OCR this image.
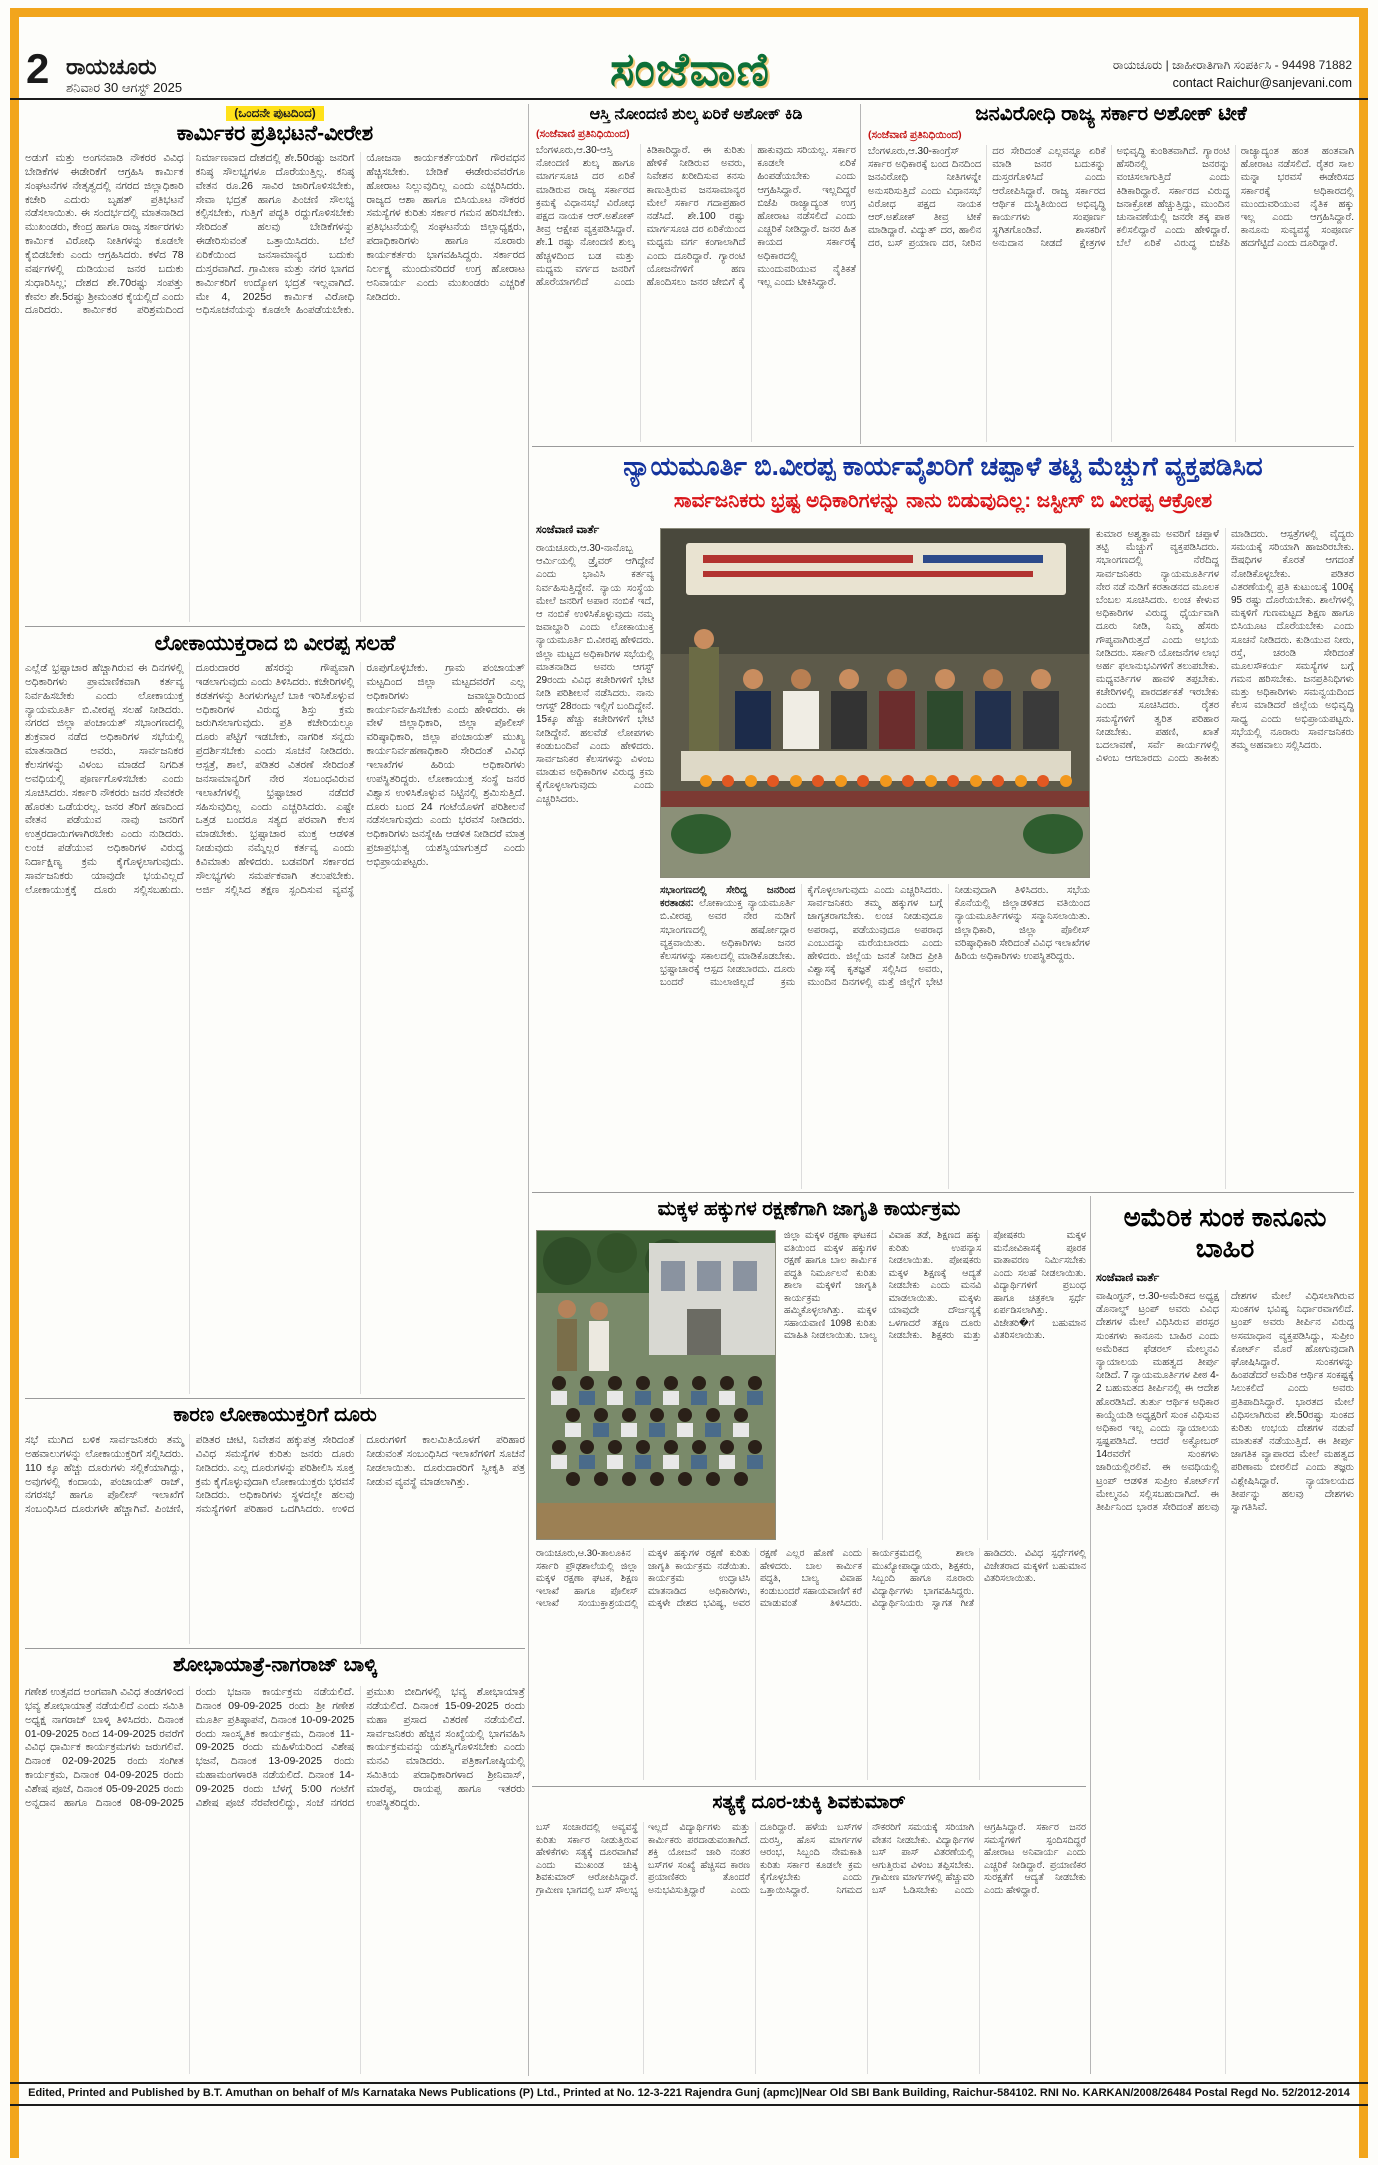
2 ರಾಯಚೂರು
ಶನಿವಾರ 30 ಆಗಸ್ಟ್ 2025	ಸಂಜೆವಾಣಿ	ರಾಯಚೂರು | ಜಾಹೀರಾತಿಗಾಗಿ ಸಂಪರ್ಕಿಸಿ - 94498 71882
contact Raichur@sanjevani.com
(ಒಂದನೇ ಪುಟದಿಂದ)
ಕಾರ್ಮಿಕರ ಪ್ರತಿಭಟನೆ-ವೀರೇಶ
ಅಡುಗೆ ಮತ್ತು ಅಂಗನವಾಡಿ ನೌಕರರ ವಿವಿಧ ಬೇಡಿಕೆಗಳ ಈಡೇರಿಕೆಗೆ ಆಗ್ರಹಿಸಿ ಕಾರ್ಮಿಕ ಸಂಘಟನೆಗಳ ನೇತೃತ್ವದಲ್ಲಿ ನಗರದ ಜಿಲ್ಲಾಧಿಕಾರಿ ಕಚೇರಿ ಎದುರು ಬೃಹತ್ ಪ್ರತಿಭಟನೆ ನಡೆಸಲಾಯಿತು. ಈ ಸಂದರ್ಭದಲ್ಲಿ ಮಾತನಾಡಿದ ಮುಖಂಡರು, ಕೇಂದ್ರ ಹಾಗೂ ರಾಜ್ಯ ಸರ್ಕಾರಗಳು ಕಾರ್ಮಿಕ ವಿರೋಧಿ ನೀತಿಗಳನ್ನು ಕೂಡಲೇ ಕೈಬಿಡಬೇಕು ಎಂದು ಆಗ್ರಹಿಸಿದರು. ಕಳೆದ 78 ವರ್ಷಗಳಲ್ಲಿ ದುಡಿಯುವ ಜನರ ಬದುಕು ಸುಧಾರಿಸಿಲ್ಲ; ದೇಶದ ಶೇ.70ರಷ್ಟು ಸಂಪತ್ತು ಕೇವಲ ಶೇ.5ರಷ್ಟು ಶ್ರೀಮಂತರ ಕೈಯಲ್ಲಿದೆ ಎಂದು ದೂರಿದರು. ಕಾರ್ಮಿಕರ ಪರಿಶ್ರಮದಿಂದ ನಿರ್ಮಾಣವಾದ ದೇಶದಲ್ಲಿ ಶೇ.50ರಷ್ಟು ಜನರಿಗೆ ಕನಿಷ್ಠ ಸೌಲಭ್ಯಗಳೂ ದೊರೆಯುತ್ತಿಲ್ಲ. ಕನಿಷ್ಠ ವೇತನ ರೂ.26 ಸಾವಿರ ಜಾರಿಗೊಳಿಸಬೇಕು, ಸೇವಾ ಭದ್ರತೆ ಹಾಗೂ ಪಿಂಚಣಿ ಸೌಲಭ್ಯ ಕಲ್ಪಿಸಬೇಕು, ಗುತ್ತಿಗೆ ಪದ್ಧತಿ ರದ್ದುಗೊಳಿಸಬೇಕು ಸೇರಿದಂತೆ ಹಲವು ಬೇಡಿಕೆಗಳನ್ನು ಈಡೇರಿಸುವಂತೆ ಒತ್ತಾಯಿಸಿದರು. ಬೆಲೆ ಏರಿಕೆಯಿಂದ ಜನಸಾಮಾನ್ಯರ ಬದುಕು ದುಸ್ತರವಾಗಿದೆ. ಗ್ರಾಮೀಣ ಮತ್ತು ನಗರ ಭಾಗದ ಕಾರ್ಮಿಕರಿಗೆ ಉದ್ಯೋಗ ಭದ್ರತೆ ಇಲ್ಲವಾಗಿದೆ. ಮೇ 4, 2025ರ ಕಾರ್ಮಿಕ ವಿರೋಧಿ ಅಧಿಸೂಚನೆಯನ್ನು ಕೂಡಲೇ ಹಿಂಪಡೆಯಬೇಕು. ಯೋಜನಾ ಕಾರ್ಯಕರ್ತೆಯರಿಗೆ ಗೌರವಧನ ಹೆಚ್ಚಿಸಬೇಕು. ಬೇಡಿಕೆ ಈಡೇರುವವರೆಗೂ ಹೋರಾಟ ನಿಲ್ಲುವುದಿಲ್ಲ ಎಂದು ಎಚ್ಚರಿಸಿದರು. ರಾಜ್ಯದ ಆಶಾ ಹಾಗೂ ಬಿಸಿಯೂಟ ನೌಕರರ ಸಮಸ್ಯೆಗಳ ಕುರಿತು ಸರ್ಕಾರ ಗಮನ ಹರಿಸಬೇಕು. ಪ್ರತಿಭಟನೆಯಲ್ಲಿ ಸಂಘಟನೆಯ ಜಿಲ್ಲಾಧ್ಯಕ್ಷರು, ಪದಾಧಿಕಾರಿಗಳು ಹಾಗೂ ನೂರಾರು ಕಾರ್ಯಕರ್ತರು ಭಾಗವಹಿಸಿದ್ದರು. ಸರ್ಕಾರದ ನಿರ್ಲಕ್ಷ್ಯ ಮುಂದುವರಿದರೆ ಉಗ್ರ ಹೋರಾಟ ಅನಿವಾರ್ಯ ಎಂದು ಮುಖಂಡರು ಎಚ್ಚರಿಕೆ ನೀಡಿದರು.
ಲೋಕಾಯುಕ್ತರಾದ ಬಿ ವೀರಪ್ಪ ಸಲಹೆ
ಎಲ್ಲೆಡೆ ಭ್ರಷ್ಟಾಚಾರ ಹೆಚ್ಚಾಗಿರುವ ಈ ದಿನಗಳಲ್ಲಿ ಅಧಿಕಾರಿಗಳು ಪ್ರಾಮಾಣಿಕವಾಗಿ ಕರ್ತವ್ಯ ನಿರ್ವಹಿಸಬೇಕು ಎಂದು ಲೋಕಾಯುಕ್ತ ನ್ಯಾಯಮೂರ್ತಿ ಬಿ.ವೀರಪ್ಪ ಸಲಹೆ ನೀಡಿದರು. ನಗರದ ಜಿಲ್ಲಾ ಪಂಚಾಯತ್ ಸಭಾಂಗಣದಲ್ಲಿ ಶುಕ್ರವಾರ ನಡೆದ ಅಧಿಕಾರಿಗಳ ಸಭೆಯಲ್ಲಿ ಮಾತನಾಡಿದ ಅವರು, ಸಾರ್ವಜನಿಕರ ಕೆಲಸಗಳನ್ನು ವಿಳಂಬ ಮಾಡದೆ ನಿಗದಿತ ಅವಧಿಯಲ್ಲಿ ಪೂರ್ಣಗೊಳಿಸಬೇಕು ಎಂದು ಸೂಚಿಸಿದರು. ಸರ್ಕಾರಿ ನೌಕರರು ಜನರ ಸೇವಕರೇ ಹೊರತು ಒಡೆಯರಲ್ಲ. ಜನರ ತೆರಿಗೆ ಹಣದಿಂದ ವೇತನ ಪಡೆಯುವ ನಾವು ಜನರಿಗೆ ಉತ್ತರದಾಯಿಗಳಾಗಿರಬೇಕು ಎಂದು ನುಡಿದರು. ಲಂಚ ಪಡೆಯುವ ಅಧಿಕಾರಿಗಳ ವಿರುದ್ಧ ನಿರ್ದಾಕ್ಷಿಣ್ಯ ಕ್ರಮ ಕೈಗೊಳ್ಳಲಾಗುವುದು. ಸಾರ್ವಜನಿಕರು ಯಾವುದೇ ಭಯವಿಲ್ಲದೆ ಲೋಕಾಯುಕ್ತಕ್ಕೆ ದೂರು ಸಲ್ಲಿಸಬಹುದು. ದೂರುದಾರರ ಹೆಸರನ್ನು ಗೌಪ್ಯವಾಗಿ ಇಡಲಾಗುವುದು ಎಂದು ತಿಳಿಸಿದರು. ಕಚೇರಿಗಳಲ್ಲಿ ಕಡತಗಳನ್ನು ತಿಂಗಳುಗಟ್ಟಲೆ ಬಾಕಿ ಇರಿಸಿಕೊಳ್ಳುವ ಅಧಿಕಾರಿಗಳ ವಿರುದ್ಧ ಶಿಸ್ತು ಕ್ರಮ ಜರುಗಿಸಲಾಗುವುದು. ಪ್ರತಿ ಕಚೇರಿಯಲ್ಲೂ ದೂರು ಪೆಟ್ಟಿಗೆ ಇಡಬೇಕು, ನಾಗರಿಕ ಸನ್ನದು ಪ್ರದರ್ಶಿಸಬೇಕು ಎಂದು ಸೂಚನೆ ನೀಡಿದರು. ಆಸ್ಪತ್ರೆ, ಶಾಲೆ, ಪಡಿತರ ವಿತರಣೆ ಸೇರಿದಂತೆ ಜನಸಾಮಾನ್ಯರಿಗೆ ನೇರ ಸಂಬಂಧವಿರುವ ಇಲಾಖೆಗಳಲ್ಲಿ ಭ್ರಷ್ಟಾಚಾರ ನಡೆದರೆ ಸಹಿಸುವುದಿಲ್ಲ ಎಂದು ಎಚ್ಚರಿಸಿದರು. ಎಷ್ಟೇ ಒತ್ತಡ ಬಂದರೂ ಸತ್ಯದ ಪರವಾಗಿ ಕೆಲಸ ಮಾಡಬೇಕು. ಭ್ರಷ್ಟಾಚಾರ ಮುಕ್ತ ಆಡಳಿತ ನೀಡುವುದು ನಮ್ಮೆಲ್ಲರ ಕರ್ತವ್ಯ ಎಂದು ಕಿವಿಮಾತು ಹೇಳಿದರು. ಬಡವರಿಗೆ ಸರ್ಕಾರದ ಸೌಲಭ್ಯಗಳು ಸಮರ್ಪಕವಾಗಿ ತಲುಪಬೇಕು. ಅರ್ಜಿ ಸಲ್ಲಿಸಿದ ತಕ್ಷಣ ಸ್ಪಂದಿಸುವ ವ್ಯವಸ್ಥೆ ರೂಪುಗೊಳ್ಳಬೇಕು. ಗ್ರಾಮ ಪಂಚಾಯತ್ ಮಟ್ಟದಿಂದ ಜಿಲ್ಲಾ ಮಟ್ಟದವರೆಗೆ ಎಲ್ಲ ಅಧಿಕಾರಿಗಳು ಜವಾಬ್ದಾರಿಯಿಂದ ಕಾರ್ಯನಿರ್ವಹಿಸಬೇಕು ಎಂದು ಹೇಳಿದರು. ಈ ವೇಳೆ ಜಿಲ್ಲಾಧಿಕಾರಿ, ಜಿಲ್ಲಾ ಪೊಲೀಸ್ ವರಿಷ್ಠಾಧಿಕಾರಿ, ಜಿಲ್ಲಾ ಪಂಚಾಯತ್ ಮುಖ್ಯ ಕಾರ್ಯನಿರ್ವಹಣಾಧಿಕಾರಿ ಸೇರಿದಂತೆ ವಿವಿಧ ಇಲಾಖೆಗಳ ಹಿರಿಯ ಅಧಿಕಾರಿಗಳು ಉಪಸ್ಥಿತರಿದ್ದರು. ಲೋಕಾಯುಕ್ತ ಸಂಸ್ಥೆ ಜನರ ವಿಶ್ವಾಸ ಉಳಿಸಿಕೊಳ್ಳುವ ನಿಟ್ಟಿನಲ್ಲಿ ಶ್ರಮಿಸುತ್ತಿದೆ. ದೂರು ಬಂದ 24 ಗಂಟೆಯೊಳಗೆ ಪರಿಶೀಲನೆ ನಡೆಸಲಾಗುವುದು ಎಂದು ಭರವಸೆ ನೀಡಿದರು. ಅಧಿಕಾರಿಗಳು ಜನಸ್ನೇಹಿ ಆಡಳಿತ ನೀಡಿದರೆ ಮಾತ್ರ ಪ್ರಜಾಪ್ರಭುತ್ವ ಯಶಸ್ವಿಯಾಗುತ್ತದೆ ಎಂದು ಅಭಿಪ್ರಾಯಪಟ್ಟರು.
ಕಾರಣ ಲೋಕಾಯುಕ್ತರಿಗೆ ದೂರು
ಸಭೆ ಮುಗಿದ ಬಳಿಕ ಸಾರ್ವಜನಿಕರು ತಮ್ಮ ಅಹವಾಲುಗಳನ್ನು ಲೋಕಾಯುಕ್ತರಿಗೆ ಸಲ್ಲಿಸಿದರು. 110 ಕ್ಕೂ ಹೆಚ್ಚು ದೂರುಗಳು ಸಲ್ಲಿಕೆಯಾಗಿದ್ದು, ಅವುಗಳಲ್ಲಿ ಕಂದಾಯ, ಪಂಚಾಯತ್ ರಾಜ್, ನಗರಸಭೆ ಹಾಗೂ ಪೊಲೀಸ್ ಇಲಾಖೆಗೆ ಸಂಬಂಧಿಸಿದ ದೂರುಗಳೇ ಹೆಚ್ಚಾಗಿವೆ. ಪಿಂಚಣಿ, ಪಡಿತರ ಚೀಟಿ, ನಿವೇಶನ ಹಕ್ಕುಪತ್ರ ಸೇರಿದಂತೆ ವಿವಿಧ ಸಮಸ್ಯೆಗಳ ಕುರಿತು ಜನರು ದೂರು ನೀಡಿದರು. ಎಲ್ಲ ದೂರುಗಳನ್ನು ಪರಿಶೀಲಿಸಿ ಸೂಕ್ತ ಕ್ರಮ ಕೈಗೊಳ್ಳುವುದಾಗಿ ಲೋಕಾಯುಕ್ತರು ಭರವಸೆ ನೀಡಿದರು. ಅಧಿಕಾರಿಗಳು ಸ್ಥಳದಲ್ಲೇ ಹಲವು ಸಮಸ್ಯೆಗಳಿಗೆ ಪರಿಹಾರ ಒದಗಿಸಿದರು. ಉಳಿದ ದೂರುಗಳಿಗೆ ಕಾಲಮಿತಿಯೊಳಗೆ ಪರಿಹಾರ ನೀಡುವಂತೆ ಸಂಬಂಧಿಸಿದ ಇಲಾಖೆಗಳಿಗೆ ಸೂಚನೆ ನೀಡಲಾಯಿತು. ದೂರುದಾರರಿಗೆ ಸ್ವೀಕೃತಿ ಪತ್ರ ನೀಡುವ ವ್ಯವಸ್ಥೆ ಮಾಡಲಾಗಿತ್ತು.
ಶೋಭಾಯಾತ್ರೆ-ನಾಗರಾಜ್ ಬಾಳ್ಕಿ
ಗಣೇಶ ಉತ್ಸವದ ಅಂಗವಾಗಿ ವಿವಿಧ ತಂಡಗಳಿಂದ ಭವ್ಯ ಶೋಭಾಯಾತ್ರೆ ನಡೆಯಲಿದೆ ಎಂದು ಸಮಿತಿ ಅಧ್ಯಕ್ಷ ನಾಗರಾಜ್ ಬಾಳ್ಕಿ ತಿಳಿಸಿದರು. ದಿನಾಂಕ 01-09-2025 ರಿಂದ 14-09-2025 ರವರೆಗೆ ವಿವಿಧ ಧಾರ್ಮಿಕ ಕಾರ್ಯಕ್ರಮಗಳು ಜರುಗಲಿವೆ. ದಿನಾಂಕ 02-09-2025 ರಂದು ಸಂಗೀತ ಕಾರ್ಯಕ್ರಮ, ದಿನಾಂಕ 04-09-2025 ರಂದು ವಿಶೇಷ ಪೂಜೆ, ದಿನಾಂಕ 05-09-2025 ರಂದು ಅನ್ನದಾನ ಹಾಗೂ ದಿನಾಂಕ 08-09-2025 ರಂದು ಭಜನಾ ಕಾರ್ಯಕ್ರಮ ನಡೆಯಲಿದೆ. ದಿನಾಂಕ 09-09-2025 ರಂದು ಶ್ರೀ ಗಣೇಶ ಮೂರ್ತಿ ಪ್ರತಿಷ್ಠಾಪನೆ, ದಿನಾಂಕ 10-09-2025 ರಂದು ಸಾಂಸ್ಕೃತಿಕ ಕಾರ್ಯಕ್ರಮ, ದಿನಾಂಕ 11-09-2025 ರಂದು ಮಹಿಳೆಯರಿಂದ ವಿಶೇಷ ಭಜನೆ, ದಿನಾಂಕ 13-09-2025 ರಂದು ಮಹಾಮಂಗಳಾರತಿ ನಡೆಯಲಿದೆ. ದಿನಾಂಕ 14-09-2025 ರಂದು ಬೆಳಗ್ಗೆ 5:00 ಗಂಟೆಗೆ ವಿಶೇಷ ಪೂಜೆ ನೆರವೇರಲಿದ್ದು, ಸಂಜೆ ನಗರದ ಪ್ರಮುಖ ಬೀದಿಗಳಲ್ಲಿ ಭವ್ಯ ಶೋಭಾಯಾತ್ರೆ ನಡೆಯಲಿದೆ. ದಿನಾಂಕ 15-09-2025 ರಂದು ಮಹಾ ಪ್ರಸಾದ ವಿತರಣೆ ನಡೆಯಲಿದೆ. ಸಾರ್ವಜನಿಕರು ಹೆಚ್ಚಿನ ಸಂಖ್ಯೆಯಲ್ಲಿ ಭಾಗವಹಿಸಿ ಕಾರ್ಯಕ್ರಮವನ್ನು ಯಶಸ್ವಿಗೊಳಿಸಬೇಕು ಎಂದು ಮನವಿ ಮಾಡಿದರು. ಪತ್ರಿಕಾಗೋಷ್ಠಿಯಲ್ಲಿ ಸಮಿತಿಯ ಪದಾಧಿಕಾರಿಗಳಾದ ಶ್ರೀನಿವಾಸ್, ಮಾರೆಪ್ಪ, ರಾಯಪ್ಪ ಹಾಗೂ ಇತರರು ಉಪಸ್ಥಿತರಿದ್ದರು.
ಆಸ್ತಿ ನೋಂದಣಿ ಶುಲ್ಕ ಏರಿಕೆ ಅಶೋಕ್ ಕಿಡಿ
(ಸಂಜೆವಾಣಿ ಪ್ರತಿನಿಧಿಯಿಂದ)
ಬೆಂಗಳೂರು,ಆ.30-ಆಸ್ತಿ ನೋಂದಣಿ ಶುಲ್ಕ ಹಾಗೂ ಮಾರ್ಗಸೂಚಿ ದರ ಏರಿಕೆ ಮಾಡಿರುವ ರಾಜ್ಯ ಸರ್ಕಾರದ ಕ್ರಮಕ್ಕೆ ವಿಧಾನಸಭೆ ವಿರೋಧ ಪಕ್ಷದ ನಾಯಕ ಆರ್.ಅಶೋಕ್ ತೀವ್ರ ಆಕ್ಷೇಪ ವ್ಯಕ್ತಪಡಿಸಿದ್ದಾರೆ. ಶೇ.1 ರಷ್ಟು ನೋಂದಣಿ ಶುಲ್ಕ ಹೆಚ್ಚಳದಿಂದ ಬಡ ಮತ್ತು ಮಧ್ಯಮ ವರ್ಗದ ಜನರಿಗೆ ಹೊರೆಯಾಗಲಿದೆ ಎಂದು ಕಿಡಿಕಾರಿದ್ದಾರೆ. ಈ ಕುರಿತು ಹೇಳಿಕೆ ನೀಡಿರುವ ಅವರು, ನಿವೇಶನ ಖರೀದಿಸುವ ಕನಸು ಕಾಣುತ್ತಿರುವ ಜನಸಾಮಾನ್ಯರ ಮೇಲೆ ಸರ್ಕಾರ ಗದಾಪ್ರಹಾರ ನಡೆಸಿದೆ. ಶೇ.100 ರಷ್ಟು ಮಾರ್ಗಸೂಚಿ ದರ ಏರಿಕೆಯಿಂದ ಮಧ್ಯಮ ವರ್ಗ ಕಂಗಾಲಾಗಿದೆ ಎಂದು ದೂರಿದ್ದಾರೆ. ಗ್ಯಾರಂಟಿ ಯೋಜನೆಗಳಿಗೆ ಹಣ ಹೊಂದಿಸಲು ಜನರ ಜೇಬಿಗೆ ಕೈ ಹಾಕುವುದು ಸರಿಯಲ್ಲ. ಸರ್ಕಾರ ಕೂಡಲೇ ಏರಿಕೆ ಹಿಂಪಡೆಯಬೇಕು ಎಂದು ಆಗ್ರಹಿಸಿದ್ದಾರೆ. ಇಲ್ಲದಿದ್ದರೆ ಬಿಜೆಪಿ ರಾಜ್ಯಾದ್ಯಂತ ಉಗ್ರ ಹೋರಾಟ ನಡೆಸಲಿದೆ ಎಂದು ಎಚ್ಚರಿಕೆ ನೀಡಿದ್ದಾರೆ. ಜನರ ಹಿತ ಕಾಯದ ಸರ್ಕಾರಕ್ಕೆ ಅಧಿಕಾರದಲ್ಲಿ ಮುಂದುವರಿಯುವ ನೈತಿಕತೆ ಇಲ್ಲ ಎಂದು ಟೀಕಿಸಿದ್ದಾರೆ.
ಜನವಿರೋಧಿ ರಾಜ್ಯ ಸರ್ಕಾರ ಅಶೋಕ್ ಟೀಕೆ
(ಸಂಜೆವಾಣಿ ಪ್ರತಿನಿಧಿಯಿಂದ)
ಬೆಂಗಳೂರು,ಆ.30-ಕಾಂಗ್ರೆಸ್ ಸರ್ಕಾರ ಅಧಿಕಾರಕ್ಕೆ ಬಂದ ದಿನದಿಂದ ಜನವಿರೋಧಿ ನೀತಿಗಳನ್ನೇ ಅನುಸರಿಸುತ್ತಿದೆ ಎಂದು ವಿಧಾನಸಭೆ ವಿರೋಧ ಪಕ್ಷದ ನಾಯಕ ಆರ್.ಅಶೋಕ್ ತೀವ್ರ ಟೀಕೆ ಮಾಡಿದ್ದಾರೆ. ವಿದ್ಯುತ್ ದರ, ಹಾಲಿನ ದರ, ಬಸ್ ಪ್ರಯಾಣ ದರ, ನೀರಿನ ದರ ಸೇರಿದಂತೆ ಎಲ್ಲವನ್ನೂ ಏರಿಕೆ ಮಾಡಿ ಜನರ ಬದುಕನ್ನು ದುಸ್ತರಗೊಳಿಸಿದೆ ಎಂದು ಆರೋಪಿಸಿದ್ದಾರೆ. ರಾಜ್ಯ ಸರ್ಕಾರದ ಆರ್ಥಿಕ ದುಸ್ಥಿತಿಯಿಂದ ಅಭಿವೃದ್ಧಿ ಕಾರ್ಯಗಳು ಸಂಪೂರ್ಣ ಸ್ಥಗಿತಗೊಂಡಿವೆ. ಶಾಸಕರಿಗೆ ಅನುದಾನ ನೀಡದೆ ಕ್ಷೇತ್ರಗಳ ಅಭಿವೃದ್ಧಿ ಕುಂಠಿತವಾಗಿದೆ. ಗ್ಯಾರಂಟಿ ಹೆಸರಿನಲ್ಲಿ ಜನರನ್ನು ವಂಚಿಸಲಾಗುತ್ತಿದೆ ಎಂದು ಕಿಡಿಕಾರಿದ್ದಾರೆ. ಸರ್ಕಾರದ ವಿರುದ್ಧ ಜನಾಕ್ರೋಶ ಹೆಚ್ಚುತ್ತಿದ್ದು, ಮುಂದಿನ ಚುನಾವಣೆಯಲ್ಲಿ ಜನರೇ ತಕ್ಕ ಪಾಠ ಕಲಿಸಲಿದ್ದಾರೆ ಎಂದು ಹೇಳಿದ್ದಾರೆ. ಬೆಲೆ ಏರಿಕೆ ವಿರುದ್ಧ ಬಿಜೆಪಿ ರಾಜ್ಯಾದ್ಯಂತ ಹಂತ ಹಂತವಾಗಿ ಹೋರಾಟ ನಡೆಸಲಿದೆ. ರೈತರ ಸಾಲ ಮನ್ನಾ ಭರವಸೆ ಈಡೇರಿಸದ ಸರ್ಕಾರಕ್ಕೆ ಅಧಿಕಾರದಲ್ಲಿ ಮುಂದುವರಿಯುವ ನೈತಿಕ ಹಕ್ಕು ಇಲ್ಲ ಎಂದು ಆಗ್ರಹಿಸಿದ್ದಾರೆ. ಕಾನೂನು ಸುವ್ಯವಸ್ಥೆ ಸಂಪೂರ್ಣ ಹದಗೆಟ್ಟಿದೆ ಎಂದು ದೂರಿದ್ದಾರೆ.
ನ್ಯಾಯಮೂರ್ತಿ ಬಿ.ವೀರಪ್ಪ ಕಾರ್ಯವೈಖರಿಗೆ ಚಪ್ಪಾಳೆ ತಟ್ಟಿ ಮೆಚ್ಚುಗೆ ವ್ಯಕ್ತಪಡಿಸಿದ
ಸಾರ್ವಜನಿಕರು ಭ್ರಷ್ಟ ಅಧಿಕಾರಿಗಳನ್ನು ನಾನು ಬಿಡುವುದಿಲ್ಲ: ಜಸ್ಟೀಸ್ ಬಿ ವೀರಪ್ಪ ಆಕ್ರೋಶ
ಸಂಜೆವಾಣಿ ವಾರ್ತೆ
ರಾಯಚೂರು,ಆ.30-ನಾನೊಬ್ಬ ಆರ್ಮಿಯಲ್ಲಿ ಡ್ರೈವರ್ ಆಗಿದ್ದೇನೆ ಎಂದು ಭಾವಿಸಿ ಕರ್ತವ್ಯ ನಿರ್ವಹಿಸುತ್ತಿದ್ದೇನೆ. ನ್ಯಾಯ ಸಂಸ್ಥೆಯ ಮೇಲೆ ಜನರಿಗೆ ಅಪಾರ ನಂಬಿಕೆ ಇದೆ, ಆ ನಂಬಿಕೆ ಉಳಿಸಿಕೊಳ್ಳುವುದು ನಮ್ಮ ಜವಾಬ್ದಾರಿ ಎಂದು ಲೋಕಾಯುಕ್ತ ನ್ಯಾಯಮೂರ್ತಿ ಬಿ.ವೀರಪ್ಪ ಹೇಳಿದರು. ಜಿಲ್ಲಾ ಮಟ್ಟದ ಅಧಿಕಾರಿಗಳ ಸಭೆಯಲ್ಲಿ ಮಾತನಾಡಿದ ಅವರು ಆಗಸ್ಟ್ 29ರಂದು ವಿವಿಧ ಕಚೇರಿಗಳಿಗೆ ಭೇಟಿ ನೀಡಿ ಪರಿಶೀಲನೆ ನಡೆಸಿದರು. ನಾನು ಆಗಸ್ಟ್ 28ರಂದು ಇಲ್ಲಿಗೆ ಬಂದಿದ್ದೇನೆ. 15ಕ್ಕೂ ಹೆಚ್ಚು ಕಚೇರಿಗಳಿಗೆ ಭೇಟಿ ನೀಡಿದ್ದೇನೆ. ಹಲವೆಡೆ ಲೋಪಗಳು ಕಂಡುಬಂದಿವೆ ಎಂದು ಹೇಳಿದರು. ಸಾರ್ವಜನಿಕರ ಕೆಲಸಗಳನ್ನು ವಿಳಂಬ ಮಾಡುವ ಅಧಿಕಾರಿಗಳ ವಿರುದ್ಧ ಕ್ರಮ ಕೈಗೊಳ್ಳಲಾಗುವುದು ಎಂದು ಎಚ್ಚರಿಸಿದರು.
ಕುಮಾರ ಅಶ್ವತ್ಥಾಮ ಅವರಿಗೆ ಚಪ್ಪಾಳೆ ತಟ್ಟಿ ಮೆಚ್ಚುಗೆ ವ್ಯಕ್ತಪಡಿಸಿದರು. ಸಭಾಂಗಣದಲ್ಲಿ ನೆರೆದಿದ್ದ ಸಾರ್ವಜನಿಕರು ನ್ಯಾಯಮೂರ್ತಿಗಳ ನೇರ ನಡೆ ನುಡಿಗೆ ಕರತಾಡನದ ಮೂಲಕ ಬೆಂಬಲ ಸೂಚಿಸಿದರು. ಲಂಚ ಕೇಳುವ ಅಧಿಕಾರಿಗಳ ವಿರುದ್ಧ ಧೈರ್ಯವಾಗಿ ದೂರು ನೀಡಿ, ನಿಮ್ಮ ಹೆಸರು ಗೌಪ್ಯವಾಗಿರುತ್ತದೆ ಎಂದು ಅಭಯ ನೀಡಿದರು. ಸರ್ಕಾರಿ ಯೋಜನೆಗಳ ಲಾಭ ಅರ್ಹ ಫಲಾನುಭವಿಗಳಿಗೆ ತಲುಪಬೇಕು. ಮಧ್ಯವರ್ತಿಗಳ ಹಾವಳಿ ತಪ್ಪಬೇಕು. ಕಚೇರಿಗಳಲ್ಲಿ ಪಾರದರ್ಶಕತೆ ಇರಬೇಕು ಎಂದು ಸೂಚಿಸಿದರು. ರೈತರ ಸಮಸ್ಯೆಗಳಿಗೆ ತ್ವರಿತ ಪರಿಹಾರ ನೀಡಬೇಕು. ಪಹಣಿ, ಖಾತೆ ಬದಲಾವಣೆ, ಸರ್ವೆ ಕಾರ್ಯಗಳಲ್ಲಿ ವಿಳಂಬ ಆಗಬಾರದು ಎಂದು ತಾಕೀತು ಮಾಡಿದರು. ಆಸ್ಪತ್ರೆಗಳಲ್ಲಿ ವೈದ್ಯರು ಸಮಯಕ್ಕೆ ಸರಿಯಾಗಿ ಹಾಜರಿರಬೇಕು. ಔಷಧಿಗಳ ಕೊರತೆ ಆಗದಂತೆ ನೋಡಿಕೊಳ್ಳಬೇಕು. ಪಡಿತರ ವಿತರಣೆಯಲ್ಲಿ ಪ್ರತಿ ಕುಟುಂಬಕ್ಕೆ 100ಕ್ಕೆ 95 ರಷ್ಟು ದೊರೆಯಬೇಕು. ಶಾಲೆಗಳಲ್ಲಿ ಮಕ್ಕಳಿಗೆ ಗುಣಮಟ್ಟದ ಶಿಕ್ಷಣ ಹಾಗೂ ಬಿಸಿಯೂಟ ದೊರೆಯಬೇಕು ಎಂದು ಸೂಚನೆ ನೀಡಿದರು. ಕುಡಿಯುವ ನೀರು, ರಸ್ತೆ, ಚರಂಡಿ ಸೇರಿದಂತೆ ಮೂಲಸೌಕರ್ಯ ಸಮಸ್ಯೆಗಳ ಬಗ್ಗೆ ಗಮನ ಹರಿಸಬೇಕು. ಜನಪ್ರತಿನಿಧಿಗಳು ಮತ್ತು ಅಧಿಕಾರಿಗಳು ಸಮನ್ವಯದಿಂದ ಕೆಲಸ ಮಾಡಿದರೆ ಜಿಲ್ಲೆಯ ಅಭಿವೃದ್ಧಿ ಸಾಧ್ಯ ಎಂದು ಅಭಿಪ್ರಾಯಪಟ್ಟರು. ಸಭೆಯಲ್ಲಿ ನೂರಾರು ಸಾರ್ವಜನಿಕರು ತಮ್ಮ ಅಹವಾಲು ಸಲ್ಲಿಸಿದರು.
ಸಭಾಂಗಣದಲ್ಲಿ ಸೇರಿದ್ದ ಜನರಿಂದ ಕರತಾಡನ: ಲೋಕಾಯುಕ್ತ ನ್ಯಾಯಮೂರ್ತಿ ಬಿ.ವೀರಪ್ಪ ಅವರ ನೇರ ನುಡಿಗೆ ಸಭಾಂಗಣದಲ್ಲಿ ಹರ್ಷೋದ್ಗಾರ ವ್ಯಕ್ತವಾಯಿತು. ಅಧಿಕಾರಿಗಳು ಜನರ ಕೆಲಸಗಳನ್ನು ಸಕಾಲದಲ್ಲಿ ಮಾಡಿಕೊಡಬೇಕು. ಭ್ರಷ್ಟಾಚಾರಕ್ಕೆ ಆಸ್ಪದ ನೀಡಬಾರದು. ದೂರು ಬಂದರೆ ಮುಲಾಜಿಲ್ಲದೆ ಕ್ರಮ ಕೈಗೊಳ್ಳಲಾಗುವುದು ಎಂದು ಎಚ್ಚರಿಸಿದರು. ಸಾರ್ವಜನಿಕರು ತಮ್ಮ ಹಕ್ಕುಗಳ ಬಗ್ಗೆ ಜಾಗೃತರಾಗಬೇಕು. ಲಂಚ ನೀಡುವುದೂ ಅಪರಾಧ, ಪಡೆಯುವುದೂ ಅಪರಾಧ ಎಂಬುದನ್ನು ಮರೆಯಬಾರದು ಎಂದು ಹೇಳಿದರು. ಜಿಲ್ಲೆಯ ಜನತೆ ನೀಡಿದ ಪ್ರೀತಿ ವಿಶ್ವಾಸಕ್ಕೆ ಕೃತಜ್ಞತೆ ಸಲ್ಲಿಸಿದ ಅವರು, ಮುಂದಿನ ದಿನಗಳಲ್ಲಿ ಮತ್ತೆ ಜಿಲ್ಲೆಗೆ ಭೇಟಿ ನೀಡುವುದಾಗಿ ತಿಳಿಸಿದರು. ಸಭೆಯ ಕೊನೆಯಲ್ಲಿ ಜಿಲ್ಲಾಡಳಿತದ ವತಿಯಿಂದ ನ್ಯಾಯಮೂರ್ತಿಗಳನ್ನು ಸನ್ಮಾನಿಸಲಾಯಿತು. ಜಿಲ್ಲಾಧಿಕಾರಿ, ಜಿಲ್ಲಾ ಪೊಲೀಸ್ ವರಿಷ್ಠಾಧಿಕಾರಿ ಸೇರಿದಂತೆ ವಿವಿಧ ಇಲಾಖೆಗಳ ಹಿರಿಯ ಅಧಿಕಾರಿಗಳು ಉಪಸ್ಥಿತರಿದ್ದರು.
ಮಕ್ಕಳ ಹಕ್ಕುಗಳ ರಕ್ಷಣೆಗಾಗಿ ಜಾಗೃತಿ ಕಾರ್ಯಕ್ರಮ
ಜಿಲ್ಲಾ ಮಕ್ಕಳ ರಕ್ಷಣಾ ಘಟಕದ ವತಿಯಿಂದ ಮಕ್ಕಳ ಹಕ್ಕುಗಳ ರಕ್ಷಣೆ ಹಾಗೂ ಬಾಲ ಕಾರ್ಮಿಕ ಪದ್ಧತಿ ನಿರ್ಮೂಲನೆ ಕುರಿತು ಶಾಲಾ ಮಕ್ಕಳಿಗೆ ಜಾಗೃತಿ ಕಾರ್ಯಕ್ರಮ ಹಮ್ಮಿಕೊಳ್ಳಲಾಗಿತ್ತು. ಮಕ್ಕಳ ಸಹಾಯವಾಣಿ 1098 ಕುರಿತು ಮಾಹಿತಿ ನೀಡಲಾಯಿತು. ಬಾಲ್ಯ ವಿವಾಹ ತಡೆ, ಶಿಕ್ಷಣದ ಹಕ್ಕು ಕುರಿತು ಉಪನ್ಯಾಸ ನೀಡಲಾಯಿತು. ಪೋಷಕರು ಮಕ್ಕಳ ಶಿಕ್ಷಣಕ್ಕೆ ಆದ್ಯತೆ ನೀಡಬೇಕು ಎಂದು ಮನವಿ ಮಾಡಲಾಯಿತು. ಮಕ್ಕಳು ಯಾವುದೇ ದೌರ್ಜನ್ಯಕ್ಕೆ ಒಳಗಾದರೆ ತಕ್ಷಣ ದೂರು ನೀಡಬೇಕು. ಶಿಕ್ಷಕರು ಮತ್ತು ಪೋಷಕರು ಮಕ್ಕಳ ಮನೋವಿಕಾಸಕ್ಕೆ ಪೂರಕ ವಾತಾವರಣ ನಿರ್ಮಿಸಬೇಕು ಎಂದು ಸಲಹೆ ನೀಡಲಾಯಿತು. ವಿದ್ಯಾರ್ಥಿಗಳಿಗೆ ಪ್ರಬಂಧ ಹಾಗೂ ಚಿತ್ರಕಲಾ ಸ್ಪರ್ಧೆ ಏರ್ಪಡಿಸಲಾಗಿತ್ತು. ವಿಜೇತರಿ�ಗೆ ಬಹುಮಾನ ವಿತರಿಸಲಾಯಿತು.
ರಾಯಚೂರು,ಆ.30-ತಾಲೂಕಿನ ಸರ್ಕಾರಿ ಪ್ರೌಢಶಾಲೆಯಲ್ಲಿ ಜಿಲ್ಲಾ ಮಕ್ಕಳ ರಕ್ಷಣಾ ಘಟಕ, ಶಿಕ್ಷಣ ಇಲಾಖೆ ಹಾಗೂ ಪೊಲೀಸ್ ಇಲಾಖೆ ಸಂಯುಕ್ತಾಶ್ರಯದಲ್ಲಿ ಮಕ್ಕಳ ಹಕ್ಕುಗಳ ರಕ್ಷಣೆ ಕುರಿತು ಜಾಗೃತಿ ಕಾರ್ಯಕ್ರಮ ನಡೆಯಿತು. ಕಾರ್ಯಕ್ರಮ ಉದ್ಘಾಟಿಸಿ ಮಾತನಾಡಿದ ಅಧಿಕಾರಿಗಳು, ಮಕ್ಕಳೇ ದೇಶದ ಭವಿಷ್ಯ, ಅವರ ರಕ್ಷಣೆ ಎಲ್ಲರ ಹೊಣೆ ಎಂದು ಹೇಳಿದರು. ಬಾಲ ಕಾರ್ಮಿಕ ಪದ್ಧತಿ, ಬಾಲ್ಯ ವಿವಾಹ ಕಂಡುಬಂದರೆ ಸಹಾಯವಾಣಿಗೆ ಕರೆ ಮಾಡುವಂತೆ ತಿಳಿಸಿದರು. ಕಾರ್ಯಕ್ರಮದಲ್ಲಿ ಶಾಲಾ ಮುಖ್ಯೋಪಾಧ್ಯಾಯರು, ಶಿಕ್ಷಕರು, ಸಿಬ್ಬಂದಿ ಹಾಗೂ ನೂರಾರು ವಿದ್ಯಾರ್ಥಿಗಳು ಭಾಗವಹಿಸಿದ್ದರು. ವಿದ್ಯಾರ್ಥಿನಿಯರು ಸ್ವಾಗತ ಗೀತೆ ಹಾಡಿದರು. ವಿವಿಧ ಸ್ಪರ್ಧೆಗಳಲ್ಲಿ ವಿಜೇತರಾದ ಮಕ್ಕಳಿಗೆ ಬಹುಮಾನ ವಿತರಿಸಲಾಯಿತು.
ಸತ್ಯಕ್ಕೆ ದೂರ-ಚುಕ್ಕಿ ಶಿವಕುಮಾರ್
ಬಸ್ ಸಂಚಾರದಲ್ಲಿ ಅವ್ಯವಸ್ಥೆ ಕುರಿತು ಸರ್ಕಾರ ನೀಡುತ್ತಿರುವ ಹೇಳಿಕೆಗಳು ಸತ್ಯಕ್ಕೆ ದೂರವಾಗಿವೆ ಎಂದು ಮುಖಂಡ ಚುಕ್ಕಿ ಶಿವಕುಮಾರ್ ಆರೋಪಿಸಿದ್ದಾರೆ. ಗ್ರಾಮೀಣ ಭಾಗದಲ್ಲಿ ಬಸ್ ಸೌಲಭ್ಯ ಇಲ್ಲದೆ ವಿದ್ಯಾರ್ಥಿಗಳು ಮತ್ತು ಕಾರ್ಮಿಕರು ಪರದಾಡುವಂತಾಗಿದೆ. ಶಕ್ತಿ ಯೋಜನೆ ಜಾರಿ ನಂತರ ಬಸ್‌ಗಳ ಸಂಖ್ಯೆ ಹೆಚ್ಚಿಸದ ಕಾರಣ ಪ್ರಯಾಣಿಕರು ತೊಂದರೆ ಅನುಭವಿಸುತ್ತಿದ್ದಾರೆ ಎಂದು ದೂರಿದ್ದಾರೆ. ಹಳೆಯ ಬಸ್‌ಗಳ ದುರಸ್ತಿ, ಹೊಸ ಮಾರ್ಗಗಳ ಆರಂಭ, ಸಿಬ್ಬಂದಿ ನೇಮಕಾತಿ ಕುರಿತು ಸರ್ಕಾರ ಕೂಡಲೇ ಕ್ರಮ ಕೈಗೊಳ್ಳಬೇಕು ಎಂದು ಒತ್ತಾಯಿಸಿದ್ದಾರೆ. ನಿಗಮದ ನೌಕರರಿಗೆ ಸಮಯಕ್ಕೆ ಸರಿಯಾಗಿ ವೇತನ ನೀಡಬೇಕು. ವಿದ್ಯಾರ್ಥಿಗಳ ಬಸ್ ಪಾಸ್ ವಿತರಣೆಯಲ್ಲಿ ಆಗುತ್ತಿರುವ ವಿಳಂಬ ತಪ್ಪಿಸಬೇಕು. ಗ್ರಾಮೀಣ ಮಾರ್ಗಗಳಲ್ಲಿ ಹೆಚ್ಚುವರಿ ಬಸ್ ಓಡಿಸಬೇಕು ಎಂದು ಆಗ್ರಹಿಸಿದ್ದಾರೆ. ಸರ್ಕಾರ ಜನರ ಸಮಸ್ಯೆಗಳಿಗೆ ಸ್ಪಂದಿಸದಿದ್ದರೆ ಹೋರಾಟ ಅನಿವಾರ್ಯ ಎಂದು ಎಚ್ಚರಿಕೆ ನೀಡಿದ್ದಾರೆ. ಪ್ರಯಾಣಿಕರ ಸುರಕ್ಷತೆಗೆ ಆದ್ಯತೆ ನೀಡಬೇಕು ಎಂದು ಹೇಳಿದ್ದಾರೆ.
ಅಮೆರಿಕ ಸುಂಕ ಕಾನೂನು ಬಾಹಿರ
ಸಂಜೆವಾಣಿ ವಾರ್ತೆ
ವಾಷಿಂಗ್ಟನ್, ಆ.30-ಅಮೆರಿಕದ ಅಧ್ಯಕ್ಷ ಡೊನಾಲ್ಡ್ ಟ್ರಂಪ್ ಅವರು ವಿವಿಧ ದೇಶಗಳ ಮೇಲೆ ವಿಧಿಸಿರುವ ಪರಸ್ಪರ ಸುಂಕಗಳು ಕಾನೂನು ಬಾಹಿರ ಎಂದು ಅಮೆರಿಕದ ಫೆಡರಲ್ ಮೇಲ್ಮನವಿ ನ್ಯಾಯಾಲಯ ಮಹತ್ವದ ತೀರ್ಪು ನೀಡಿದೆ. 7 ನ್ಯಾಯಮೂರ್ತಿಗಳ ಪೀಠ 4-2 ಬಹುಮತದ ತೀರ್ಪಿನಲ್ಲಿ ಈ ಆದೇಶ ಹೊರಡಿಸಿದೆ. ತುರ್ತು ಆರ್ಥಿಕ ಅಧಿಕಾರ ಕಾಯ್ದೆಯಡಿ ಅಧ್ಯಕ್ಷರಿಗೆ ಸುಂಕ ವಿಧಿಸುವ ಅಧಿಕಾರ ಇಲ್ಲ ಎಂದು ನ್ಯಾಯಾಲಯ ಸ್ಪಷ್ಟಪಡಿಸಿದೆ. ಆದರೆ ಅಕ್ಟೋಬರ್ 14ರವರೆಗೆ ಸುಂಕಗಳು ಜಾರಿಯಲ್ಲಿರಲಿವೆ. ಈ ಅವಧಿಯಲ್ಲಿ ಟ್ರಂಪ್ ಆಡಳಿತ ಸುಪ್ರೀಂ ಕೋರ್ಟ್‌ಗೆ ಮೇಲ್ಮನವಿ ಸಲ್ಲಿಸಬಹುದಾಗಿದೆ. ಈ ತೀರ್ಪಿನಿಂದ ಭಾರತ ಸೇರಿದಂತೆ ಹಲವು ದೇಶಗಳ ಮೇಲೆ ವಿಧಿಸಲಾಗಿರುವ ಸುಂಕಗಳ ಭವಿಷ್ಯ ನಿರ್ಧಾರವಾಗಲಿದೆ. ಟ್ರಂಪ್ ಅವರು ತೀರ್ಪಿನ ವಿರುದ್ಧ ಅಸಮಾಧಾನ ವ್ಯಕ್ತಪಡಿಸಿದ್ದು, ಸುಪ್ರೀಂ ಕೋರ್ಟ್ ಮೊರೆ ಹೋಗುವುದಾಗಿ ಘೋಷಿಸಿದ್ದಾರೆ. ಸುಂಕಗಳನ್ನು ಹಿಂಪಡೆದರೆ ಅಮೆರಿಕ ಆರ್ಥಿಕ ಸಂಕಷ್ಟಕ್ಕೆ ಸಿಲುಕಲಿದೆ ಎಂದು ಅವರು ಪ್ರತಿಪಾದಿಸಿದ್ದಾರೆ. ಭಾರತದ ಮೇಲೆ ವಿಧಿಸಲಾಗಿರುವ ಶೇ.50ರಷ್ಟು ಸುಂಕದ ಕುರಿತು ಉಭಯ ದೇಶಗಳ ನಡುವೆ ಮಾತುಕತೆ ನಡೆಯುತ್ತಿದೆ. ಈ ತೀರ್ಪು ಜಾಗತಿಕ ವ್ಯಾಪಾರದ ಮೇಲೆ ಮಹತ್ವದ ಪರಿಣಾಮ ಬೀರಲಿದೆ ಎಂದು ತಜ್ಞರು ವಿಶ್ಲೇಷಿಸಿದ್ದಾರೆ. ನ್ಯಾಯಾಲಯದ ತೀರ್ಪನ್ನು ಹಲವು ದೇಶಗಳು ಸ್ವಾಗತಿಸಿವೆ.
Edited, Printed and Published by B.T. Amuthan on behalf of M/s Karnataka News Publications (P) Ltd., Printed at No. 12-3-221 Rajendra Gunj (apmc)|Near Old SBI Bank Building, Raichur-584102. RNI No. KARKAN/2008/26484 Postal Regd No. 52/2012-2014
